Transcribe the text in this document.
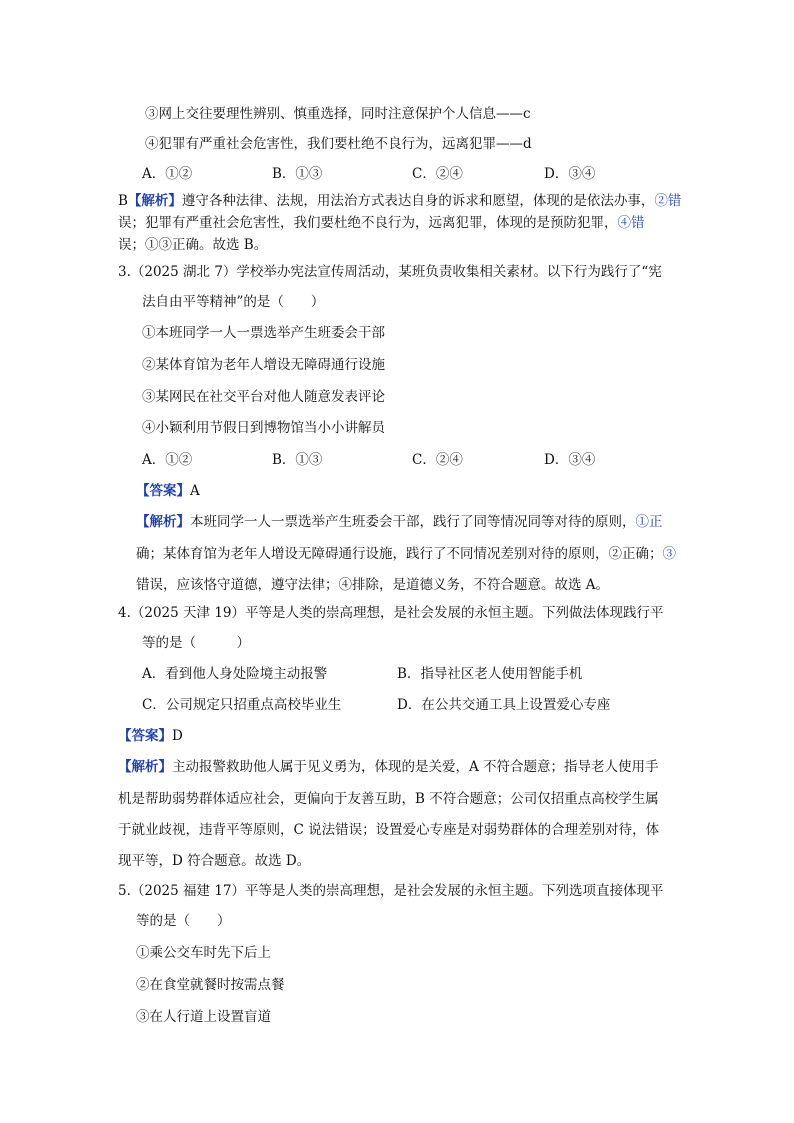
③网上交往要理性辨别、慎重选择，同时注意保护个人信息——c
④犯罪有严重社会危害性，我们要杜绝不良行为，远离犯罪——d
A．①②	B．①③	C．②④	D．③④
B【解析】遵守各种法律、法规，用法治方式表达自身的诉求和愿望，体现的是依法办事，②错
误；犯罪有严重社会危害性，我们要杜绝不良行为，远离犯罪，体现的是预防犯罪，④错
误；①③正确。故选 B。
3.（2025 湖北 7）学校举办宪法宣传周活动，某班负责收集相关素材。以下行为践行了“宪
法自由平等精神”的是（　　）
①本班同学一人一票选举产生班委会干部
②某体育馆为老年人增设无障碍通行设施
③某网民在社交平台对他人随意发表评论
④小颖利用节假日到博物馆当小小讲解员
A．①②	B．①③	C．②④	D．③④
【答案】A
【解析】本班同学一人一票选举产生班委会干部，践行了同等情况同等对待的原则，①正
确；某体育馆为老年人增设无障碍通行设施，践行了不同情况差别对待的原则，②正确；③
错误，应该恪守道德，遵守法律；④排除，是道德义务，不符合题意。故选 A。
4.（2025 天津 19）平等是人类的崇高理想，是社会发展的永恒主题。下列做法体现践行平
等的是（　　　）
A．看到他人身处险境主动报警	B．指导社区老人使用智能手机
C．公司规定只招重点高校毕业生	D．在公共交通工具上设置爱心专座
【答案】D
【解析】主动报警救助他人属于见义勇为，体现的是关爱，A 不符合题意；指导老人使用手
机是帮助弱势群体适应社会，更偏向于友善互助，B 不符合题意；公司仅招重点高校学生属
于就业歧视，违背平等原则，C 说法错误；设置爱心专座是对弱势群体的合理差别对待，体
现平等，D 符合题意。故选 D。
5.（2025 福建 17）平等是人类的崇高理想，是社会发展的永恒主题。下列选项直接体现平
等的是（　　）
①乘公交车时先下后上
②在食堂就餐时按需点餐
③在人行道上设置盲道
